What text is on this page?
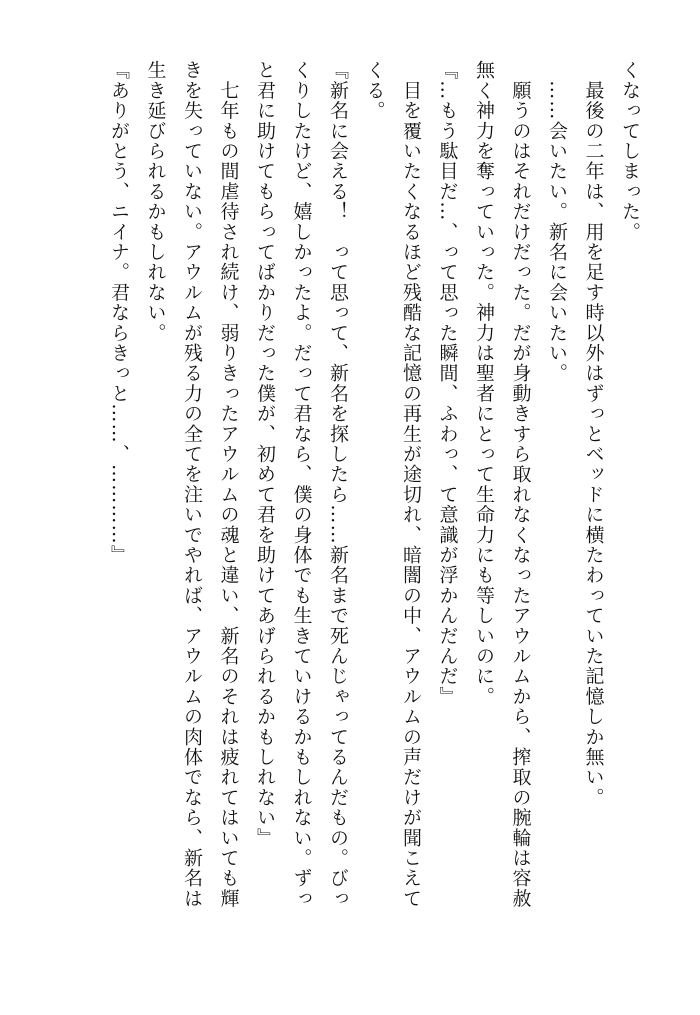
くなってしまった。

　最後の二年は、用を足す時以外はずっとベッドに横たわっていた記憶しか無い。

　……会いたい。新名に会いたい。

　願うのはそれだけだった。だが身動きすら取れなくなったアウルムから、搾取の腕輪は容赦

無く神力を奪っていった。神力は聖者にとって生命力にも等しいのに。

『…もう駄目だ…、って思った瞬間、ふわっ、て意識が浮かんだんだ』

　目を覆いたくなるほど残酷な記憶の再生が途切れ、暗闇の中、アウルムの声だけが聞こえて

くる。

『新名に会える！　って思って、新名を探したら……新名まで死んじゃってるんだもの。びっ

くりしたけど、嬉しかったよ。だって君なら、僕の身体でも生きていけるかもしれない。ずっ

と君に助けてもらってばかりだった僕が、初めて君を助けてあげられるかもしれない』

　七年もの間虐待され続け、弱りきったアウルムの魂と違い、新名のそれは疲れてはいても輝

きを失っていない。アウルムが残る力の全てを注いでやれば、アウルムの肉体でなら、新名は

生き延びられるかもしれない。

『ありがとう、ニイナ。君ならきっと……、…………』
